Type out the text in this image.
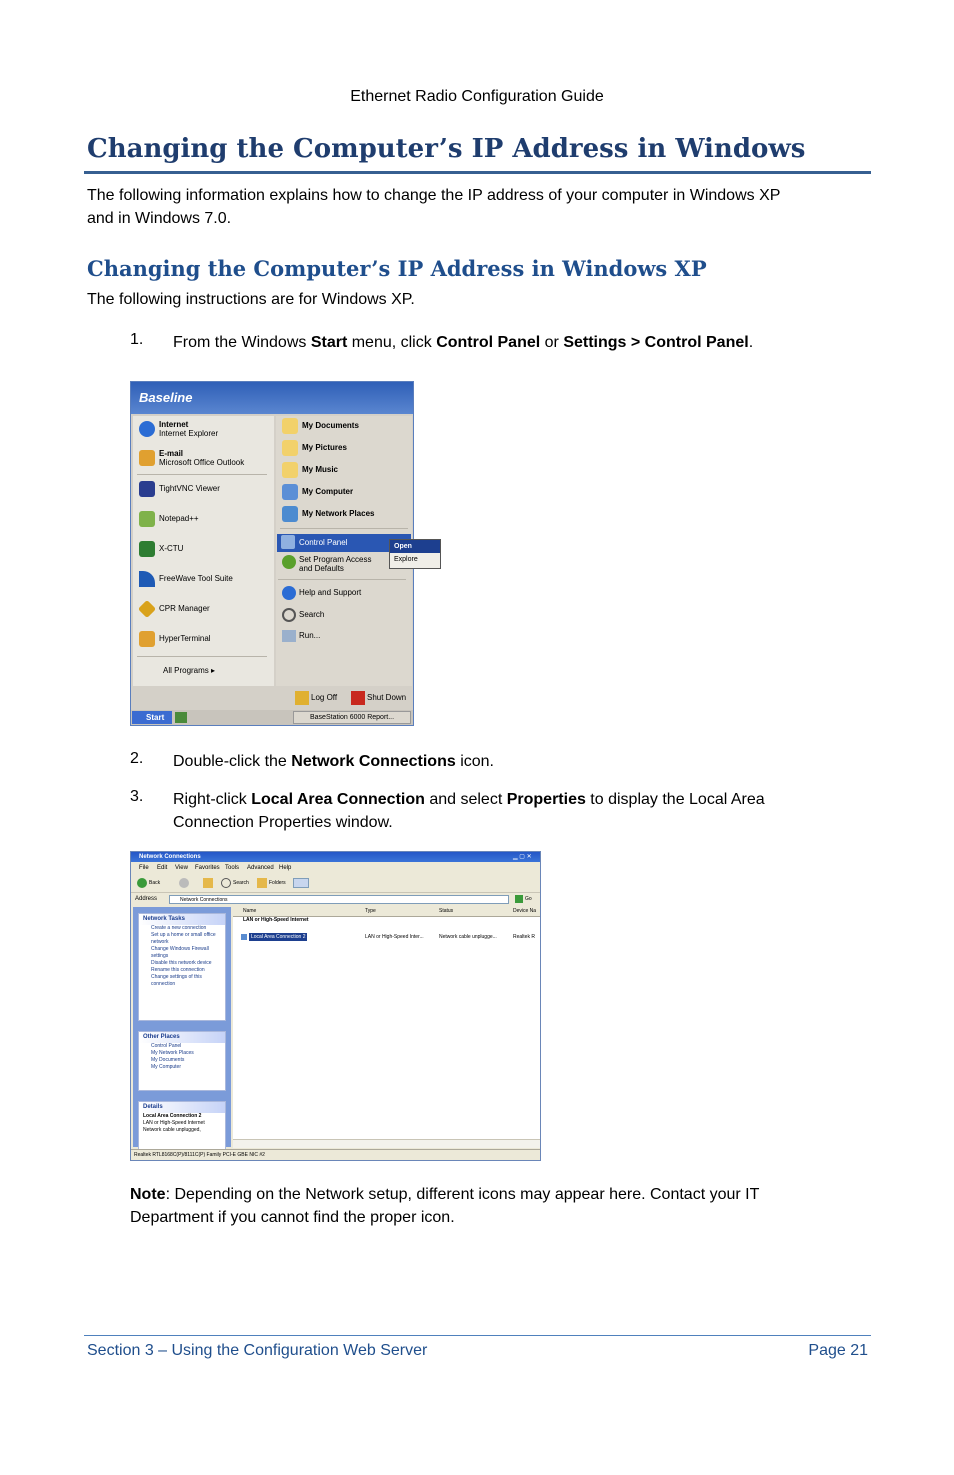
Ethernet Radio Configuration Guide
Changing the Computer’s IP Address in Windows
The following information explains how to change the IP address of your computer in Windows XP
and in Windows 7.0.
Changing the Computer’s IP Address in Windows XP
The following instructions are for Windows XP.
1. From the Windows Start menu, click Control Panel or Settings > Control Panel.
Baseline
Internet
Internet Explorer
E-mail
Microsoft Office Outlook
TightVNC Viewer
Notepad++
X-CTU
FreeWave Tool Suite
CPR Manager
HyperTerminal
All Programs ▸
My Documents
My Pictures
My Music
My Computer
My Network Places
Control Panel
Set Program Access and Defaults
Help and Support
Search
Run...
Open
Explore
Log Off	Shut Down
Start	BaseStation 6000 Report...
2. Double-click the Network Connections icon.
3. Right-click Local Area Connection and select Properties to display the Local Area
Connection Properties window.
Network Connections	▁ ▢ ✕
File Edit View Favorites Tools Advanced Help
Back	Search	Folders
Address	Network Connections	Go
Network Tasks
Create a new connection
Set up a home or small office network
Change Windows Firewall settings
Disable this network device
Rename this connection
Change settings of this connection
Other Places
Control Panel
My Network Places
My Documents
My Computer
Details
Local Area Connection 2
LAN or High-Speed Internet
Network cable unplugged,
Name	Type	Status	Device Na
LAN or High-Speed Internet
Local Area Connection 2	LAN or High-Speed Inter...	Network cable unplugge...	Realtek R
Realtek RTL8168C(P)/8111C(P) Family PCI-E GBE NIC #2
Note: Depending on the Network setup, different icons may appear here. Contact your IT
Department if you cannot find the proper icon.
Section 3 – Using the Configuration Web Server	Page 21
